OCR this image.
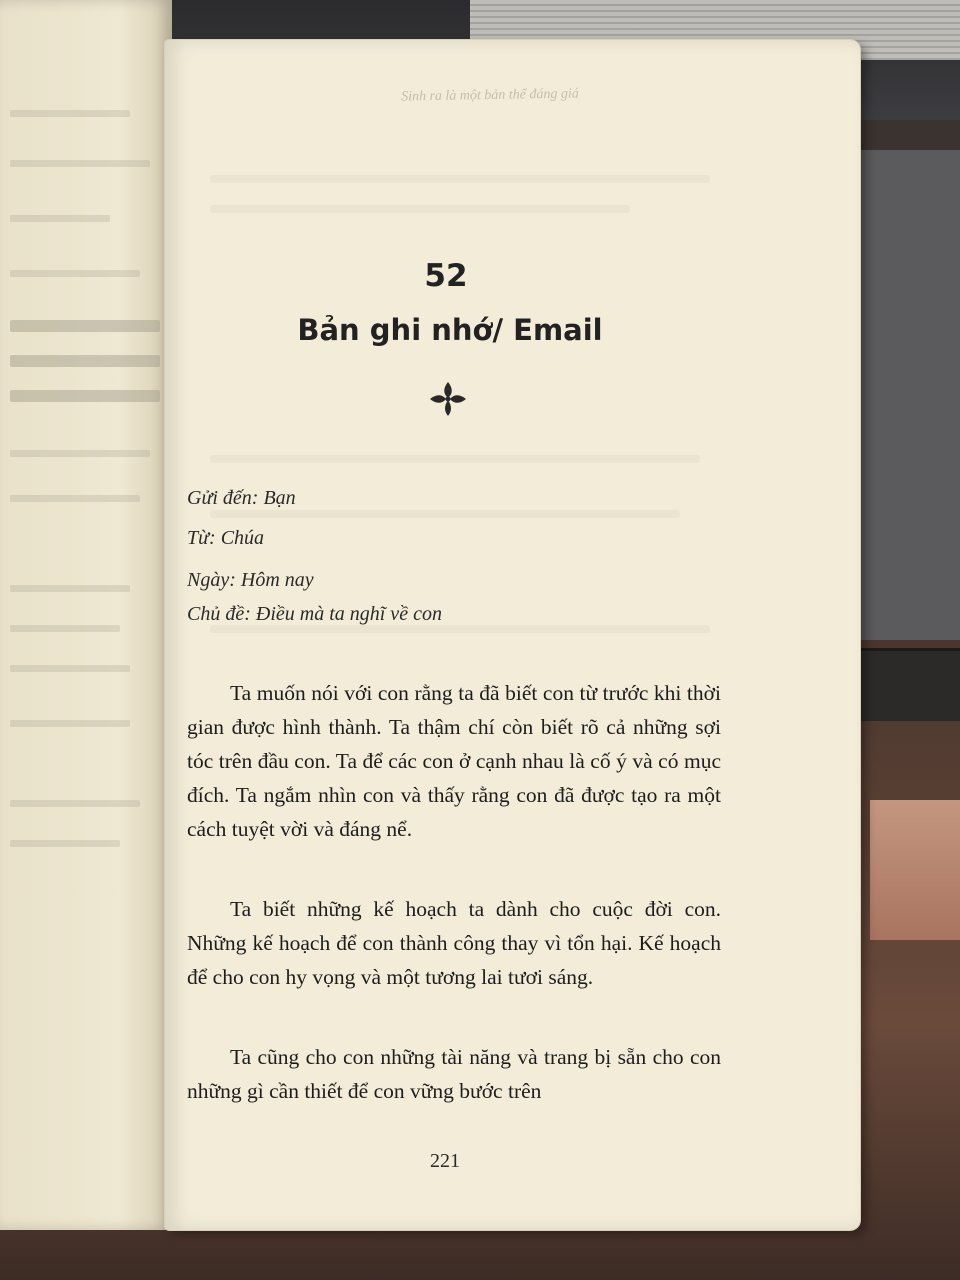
Sinh ra là một bản thể đáng giá
52
Bản ghi nhớ/ Email
Gửi đến: Bạn
Từ: Chúa
Ngày: Hôm nay
Chủ đề: Điều mà ta nghĩ về con
Ta muốn nói với con rằng ta đã biết con từ trước khi thời gian được hình thành. Ta thậm chí còn biết rõ cả những sợi tóc trên đầu con. Ta để các con ở cạnh nhau là cố ý và có mục đích. Ta ngắm nhìn con và thấy rằng con đã được tạo ra một cách tuyệt vời và đáng nể.
Ta biết những kế hoạch ta dành cho cuộc đời con. Những kế hoạch để con thành công thay vì tổn hại. Kế hoạch để cho con hy vọng và một tương lai tươi sáng.
Ta cũng cho con những tài năng và trang bị sẵn cho con những gì cần thiết để con vững bước trên
221
